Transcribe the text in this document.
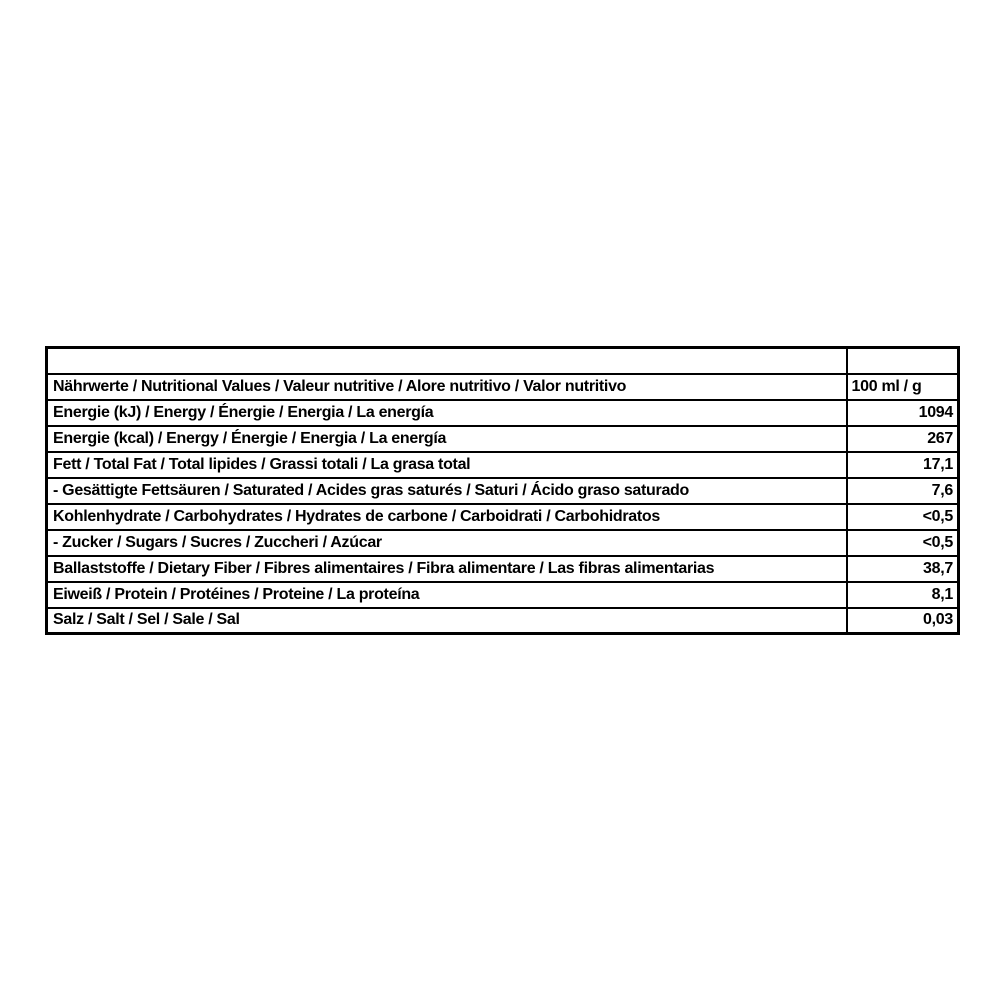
Nährwerte / Nutritional Values / Valeur nutritive / Alore nutritivo / Valor nutritivo	100 ml / g
Energie (kJ) / Energy / Énergie / Energia / La energía	1094
Energie (kcal) / Energy / Énergie / Energia / La energía	267
Fett / Total Fat / Total lipides / Grassi totali / La grasa total	17,1
- Gesättigte Fettsäuren / Saturated / Acides gras saturés / Saturi / Ácido graso saturado	7,6
Kohlenhydrate / Carbohydrates / Hydrates de carbone / Carboidrati / Carbohidratos	<0,5
- Zucker / Sugars / Sucres / Zuccheri / Azúcar	<0,5
Ballaststoffe / Dietary Fiber / Fibres alimentaires / Fibra alimentare / Las fibras alimentarias	38,7
Eiweiß / Protein / Protéines / Proteine / La proteína	8,1
Salz / Salt / Sel / Sale / Sal	0,03
